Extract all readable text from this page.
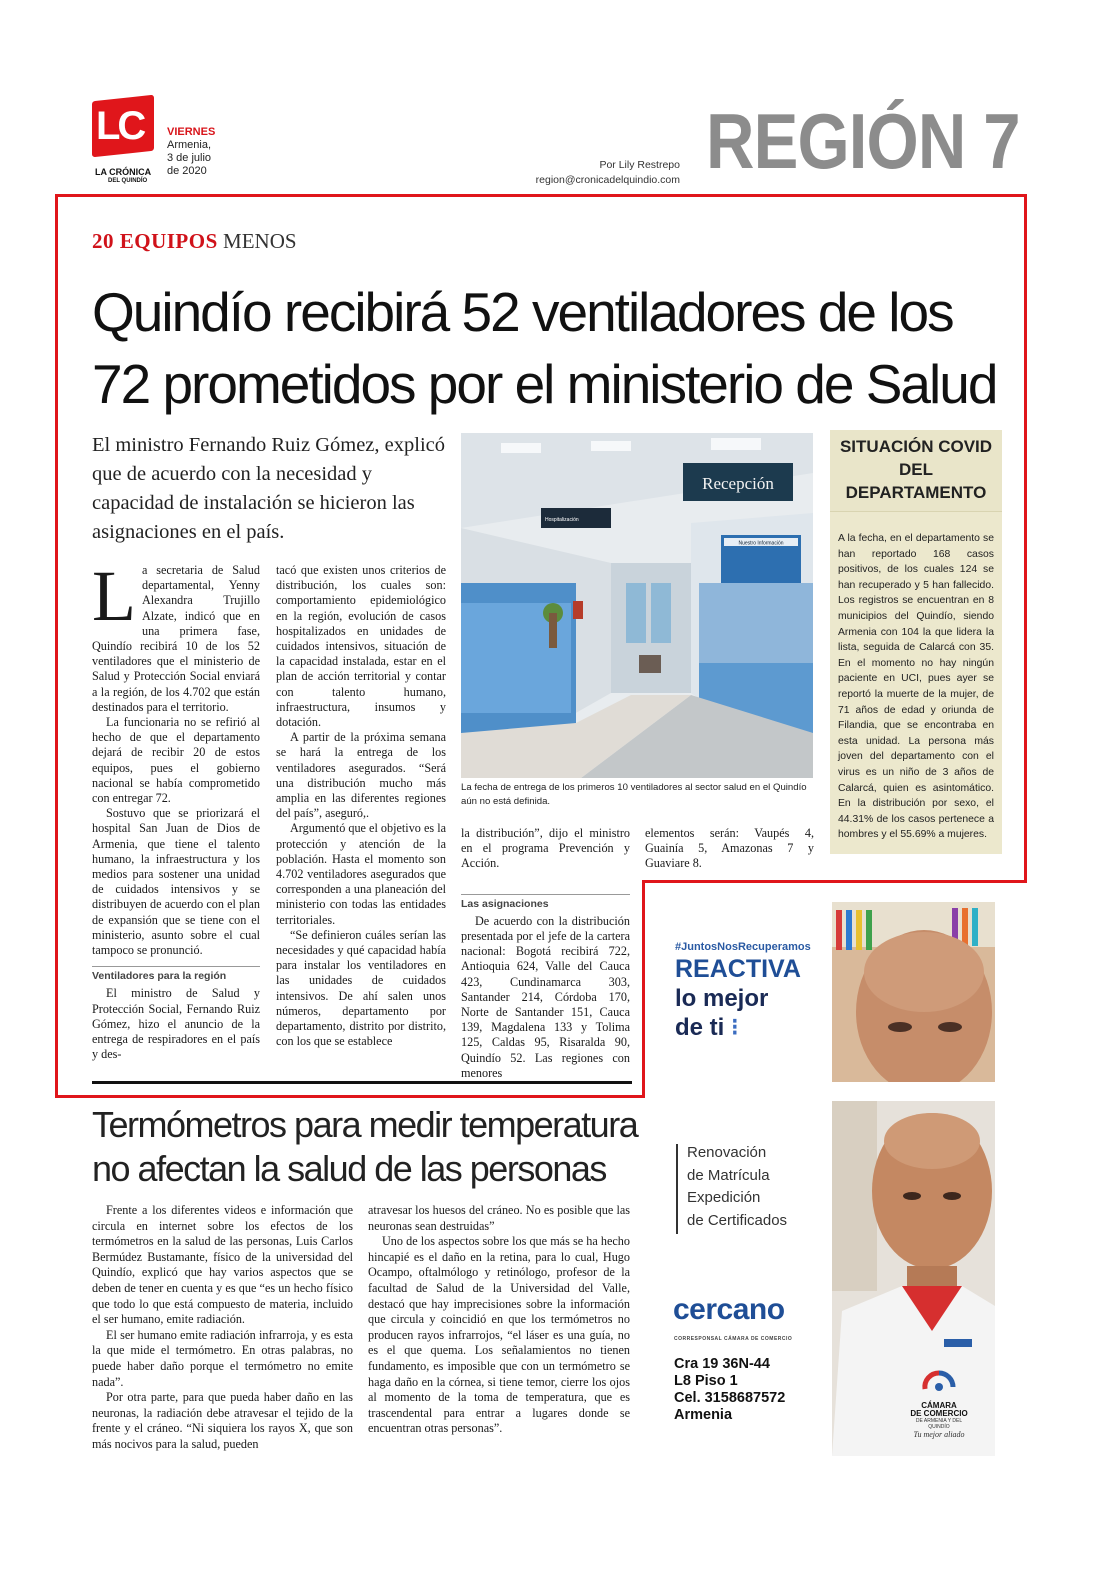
LC
LA CRÓNICA
DEL QUINDÍO
VIERNES
Armenia,
3 de julio
de 2020	Por Lily Restrepo
region@cronicadelquindio.com REGIÓN 7
20 EQUIPOS MENOS
Quindío recibirá 52 ventiladores de los
72 prometidos por el ministerio de Salud
El ministro Fernando Ruiz Gómez, explicó que de acuerdo con la necesidad y capacidad de instalación se hicieron las asignaciones en el país.
L a secretaria de Salud departamental, Yenny Alexandra Trujillo Alzate, indicó que en una primera fase, Quindío recibirá 10 de los 52 ventiladores que el ministerio de Salud y Protección Social enviará a la región, de los 4.702 que están destinados para el territorio.

La funcionaria no se refirió al hecho de que el departamento dejará de recibir 20 de estos equipos, pues el gobierno nacional se había comprometido con entregar 72.

Sostuvo que se priorizará el hospital San Juan de Dios de Armenia, que tiene el talento humano, la infraestructura y los medios para sostener una unidad de cuidados intensivos y se distribuyen de acuerdo con el plan de expansión que se tiene con el ministerio, asunto sobre el cual tampoco se pronunció.

Ventiladores para la región

El ministro de Salud y Protección Social, Fernando Ruiz Gómez, hizo el anuncio de la entrega de respiradores en el país y des-

tacó que existen unos criterios de distribución, los cuales son: comportamiento epidemiológico en la región, evolución de casos hospitalizados en unidades de cuidados intensivos, situación de la capacidad instalada, estar en el plan de acción territorial y contar con talento humano, infraestructura, insumos y dotación.

A partir de la próxima semana se hará la entrega de los ventiladores asegurados. “Será una distribución mucho más amplia en las diferentes regiones del país”, aseguró,.

Argumentó que el objetivo es la protección y atención de la población. Hasta el momento son 4.702 ventiladores asegurados que corresponden a una planeación del ministerio con todas las entidades territoriales.

“Se definieron cuáles serían las necesidades y qué capacidad había para instalar los ventiladores en las unidades de cuidados intensivos. De ahí salen unos números, departamento por departamento, distrito por distrito, con los que se establece

Hospitalización
Recepción
Nuestro Información
La fecha de entrega de los primeros 10 ventiladores al sector salud en el Quindío aún no está definida.
la distribución”, dijo el ministro en el programa Prevención y Acción.
Las asignaciones

De acuerdo con la distribución presentada por el jefe de la cartera nacional: Bogotá recibirá 722, Antioquia 624, Valle del Cauca 423, Cundinamarca 303, Santander 214, Córdoba 170, Norte de Santander 151, Cauca 139, Magdalena 133 y Tolima 125, Caldas 95, Risaralda 90, Quindío 52. Las regiones con menores

elementos serán: Vaupés 4, Guainía 5, Amazonas 7 y Guaviare 8.
SITUACIÓN COVID
DEL
DEPARTAMENTO
A la fecha, en el departamento se han reportado 168 casos positivos, de los cuales 124 se han recuperado y 5 han fallecido. Los registros se encuentran en 8 municipios del Quindío, siendo Armenia con 104 la que lidera la lista, seguida de Calarcá con 35. En el momento no hay ningún paciente en UCI, pues ayer se reportó la muerte de la mujer, de 71 años de edad y oriunda de Filandia, que se encontraba en esta unidad. La persona más joven del departamento con el virus es un niño de 3 años de Calarcá, quien es asintomático. En la distribución por sexo, el 44.31% de los casos pertenece a hombres y el 55.69% a mujeres.
Termómetros para medir temperatura
no afectan la salud de las personas

Frente a los diferentes videos e información que circula en internet sobre los efectos de los termómetros en la salud de las personas, Luis Carlos Bermúdez Bustamante, físico de la universidad del Quindío, explicó que hay varios aspectos que se deben de tener en cuenta y es que “es un hecho físico que todo lo que está compuesto de materia, incluido el ser humano, emite radiación.

El ser humano emite radiación infrarroja, y es esta la que mide el termómetro. En otras palabras, no puede haber daño porque el termómetro no emite nada”.

Por otra parte, para que pueda haber daño en las neuronas, la radiación debe atravesar el tejido de la frente y el cráneo. “Ni siquiera los rayos X, que son más nocivos para la salud, pueden

atravesar los huesos del cráneo. No es posible que las neuronas sean destruidas”

Uno de los aspectos sobre los que más se ha hecho hincapié es el daño en la retina, para lo cual, Hugo Ocampo, oftalmólogo y retinólogo, profesor de la facultad de Salud de la Universidad del Valle, destacó que hay imprecisiones sobre la información que circula y coincidió en que los termómetros no producen rayos infrarrojos, “el láser es una guía, no es el que quema. Los señalamientos no tienen fundamento, es imposible que con un termómetro se haga daño en la córnea, si tiene temor, cierre los ojos al momento de la toma de temperatura, que es trascendental para entrar a lugares donde se encuentran otras personas”.

#JuntosNosRecuperamos
REACTIVA
lo mejor
de ti ⁝
Renovación
de Matrícula
Expedición
de Certificados
cercano
CORRESPONSAL CÁMARA DE COMERCIO
Cra 19 36N-44
L8 Piso 1
Cel. 3158687572
Armenia
CÁMARA
DE COMERCIO
DE ARMENIA Y DEL QUINDÍO
Tu mejor aliado
